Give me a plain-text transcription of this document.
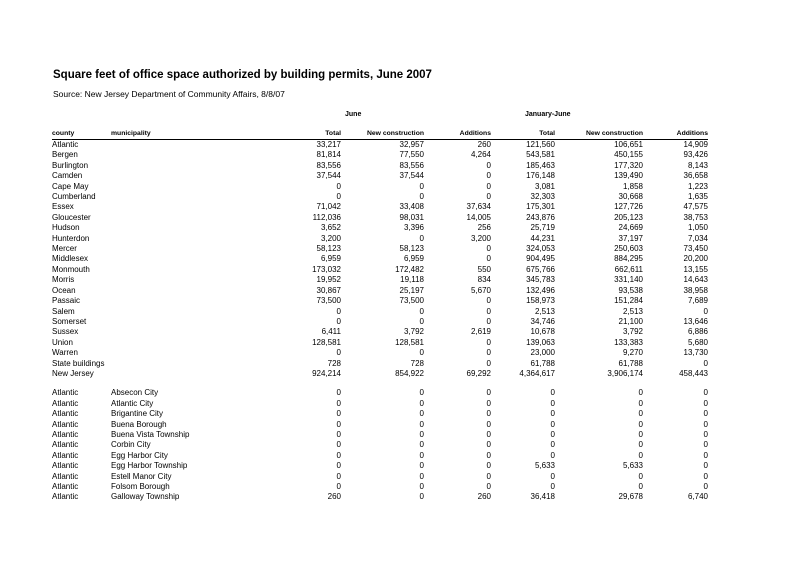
Square feet of office space authorized by building permits, June 2007
Source: New Jersey Department of Community Affairs, 8/8/07
June	January-June
county	municipality	Total	New construction	Additions	Total	New construction	Additions
Atlantic		33,217	32,957	260	121,560	106,651	14,909
Bergen		81,814	77,550	4,264	543,581	450,155	93,426
Burlington		83,556	83,556	0	185,463	177,320	8,143
Camden		37,544	37,544	0	176,148	139,490	36,658
Cape May		0	0	0	3,081	1,858	1,223
Cumberland		0	0	0	32,303	30,668	1,635
Essex		71,042	33,408	37,634	175,301	127,726	47,575
Gloucester		112,036	98,031	14,005	243,876	205,123	38,753
Hudson		3,652	3,396	256	25,719	24,669	1,050
Hunterdon		3,200	0	3,200	44,231	37,197	7,034
Mercer		58,123	58,123	0	324,053	250,603	73,450
Middlesex		6,959	6,959	0	904,495	884,295	20,200
Monmouth		173,032	172,482	550	675,766	662,611	13,155
Morris		19,952	19,118	834	345,783	331,140	14,643
Ocean		30,867	25,197	5,670	132,496	93,538	38,958
Passaic		73,500	73,500	0	158,973	151,284	7,689
Salem		0	0	0	2,513	2,513	0
Somerset		0	0	0	34,746	21,100	13,646
Sussex		6,411	3,792	2,619	10,678	3,792	6,886
Union		128,581	128,581	0	139,063	133,383	5,680
Warren		0	0	0	23,000	9,270	13,730
State buildings		728	728	0	61,788	61,788	0
New Jersey		924,214	854,922	69,292	4,364,617	3,906,174	458,443

Atlantic	Absecon City	0	0	0	0	0	0
Atlantic	Atlantic City	0	0	0	0	0	0
Atlantic	Brigantine City	0	0	0	0	0	0
Atlantic	Buena Borough	0	0	0	0	0	0
Atlantic	Buena Vista Township	0	0	0	0	0	0
Atlantic	Corbin City	0	0	0	0	0	0
Atlantic	Egg Harbor City	0	0	0	0	0	0
Atlantic	Egg Harbor Township	0	0	0	5,633	5,633	0
Atlantic	Estell Manor City	0	0	0	0	0	0
Atlantic	Folsom Borough	0	0	0	0	0	0
Atlantic	Galloway Township	260	0	260	36,418	29,678	6,740
